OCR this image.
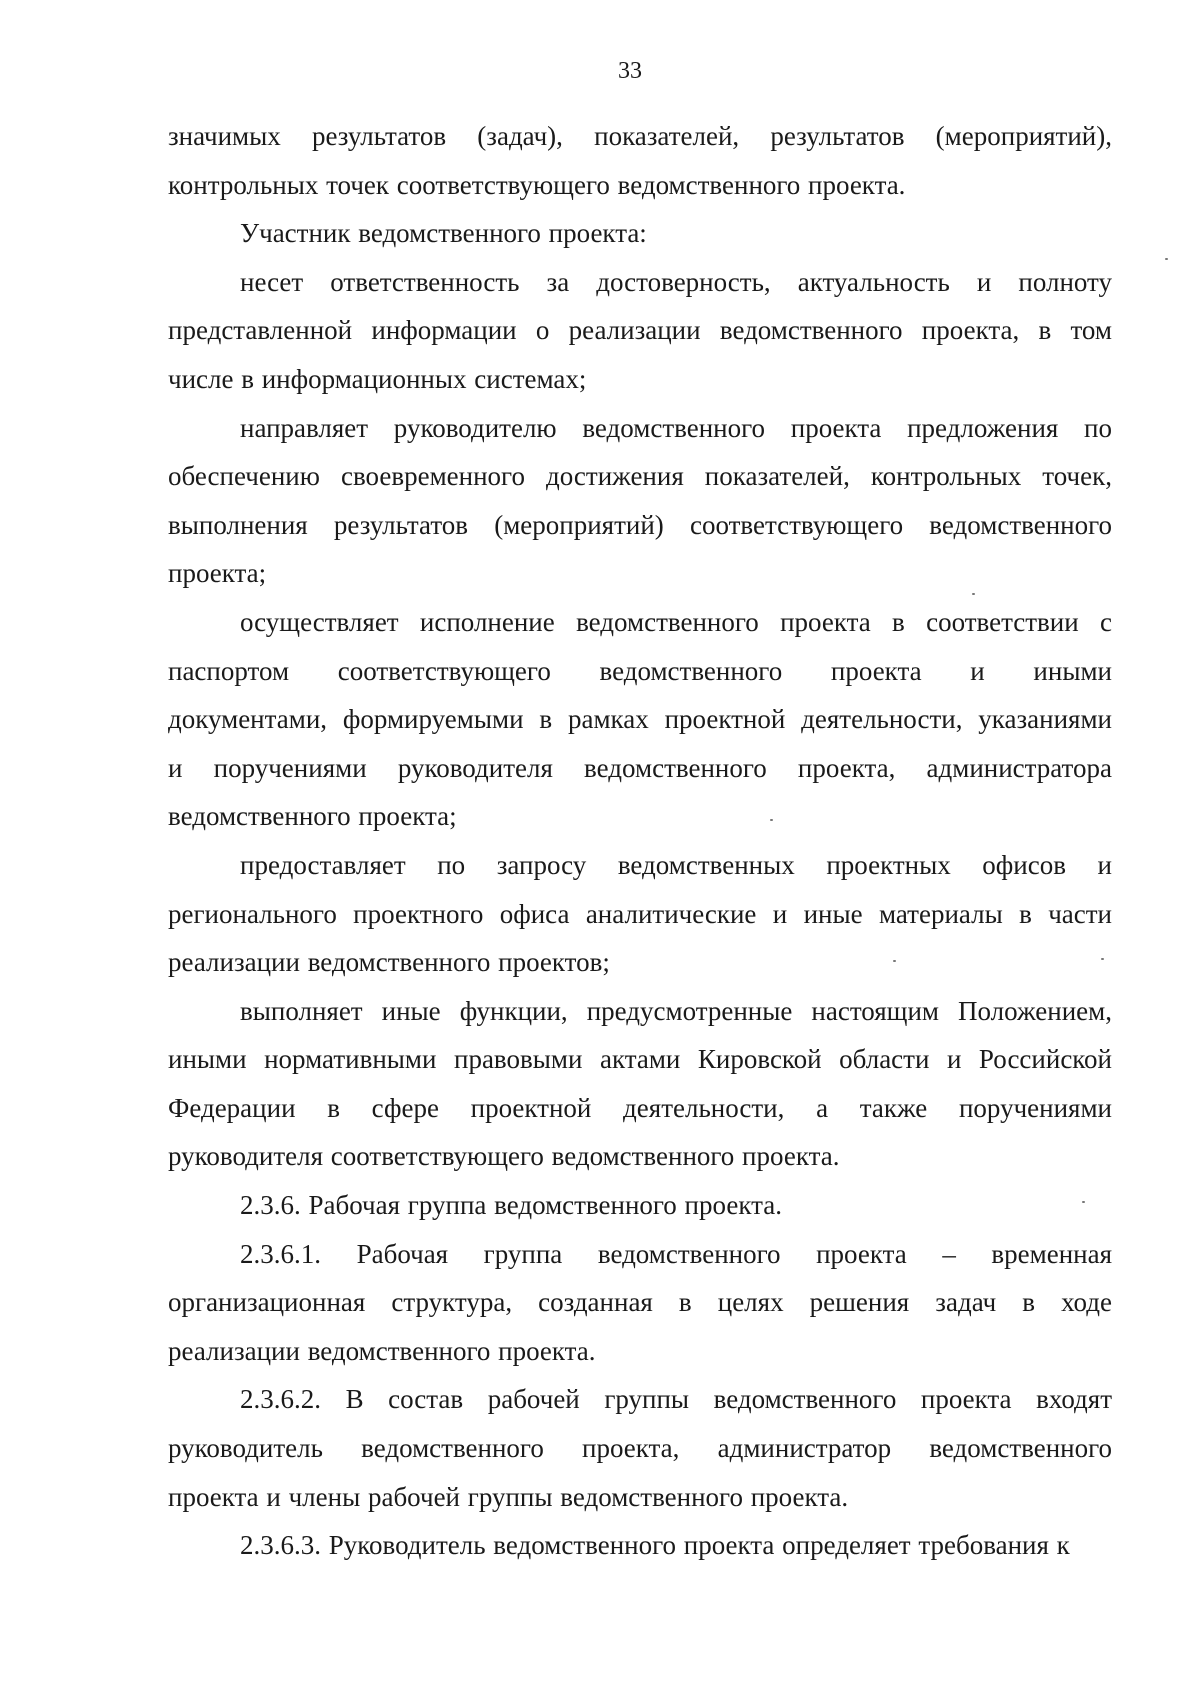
33
значимых результатов (задач), показателей, результатов (мероприятий),
контрольных точек соответствующего ведомственного проекта.
Участник ведомственного проекта:
несет ответственность за достоверность, актуальность и полноту
представленной информации о реализации ведомственного проекта, в том
числе в информационных системах;
направляет руководителю ведомственного проекта предложения по
обеспечению своевременного достижения показателей, контрольных точек,
выполнения результатов (мероприятий) соответствующего ведомственного
проекта;
осуществляет исполнение ведомственного проекта в соответствии с
паспортом соответствующего ведомственного проекта и иными
документами, формируемыми в рамках проектной деятельности, указаниями
и поручениями руководителя ведомственного проекта, администратора
ведомственного проекта;
предоставляет по запросу ведомственных проектных офисов и
регионального проектного офиса аналитические и иные материалы в части
реализации ведомственного проектов;
выполняет иные функции, предусмотренные настоящим Положением,
иными нормативными правовыми актами Кировской области и Российской
Федерации в сфере проектной деятельности, а также поручениями
руководителя соответствующего ведомственного проекта.
2.3.6. Рабочая группа ведомственного проекта.
2.3.6.1. Рабочая группа ведомственного проекта – временная
организационная структура, созданная в целях решения задач в ходе
реализации ведомственного проекта.
2.3.6.2. В состав рабочей группы ведомственного проекта входят
руководитель ведомственного проекта, администратор ведомственного
проекта и члены рабочей группы ведомственного проекта.
2.3.6.3. Руководитель ведомственного проекта определяет требования к
